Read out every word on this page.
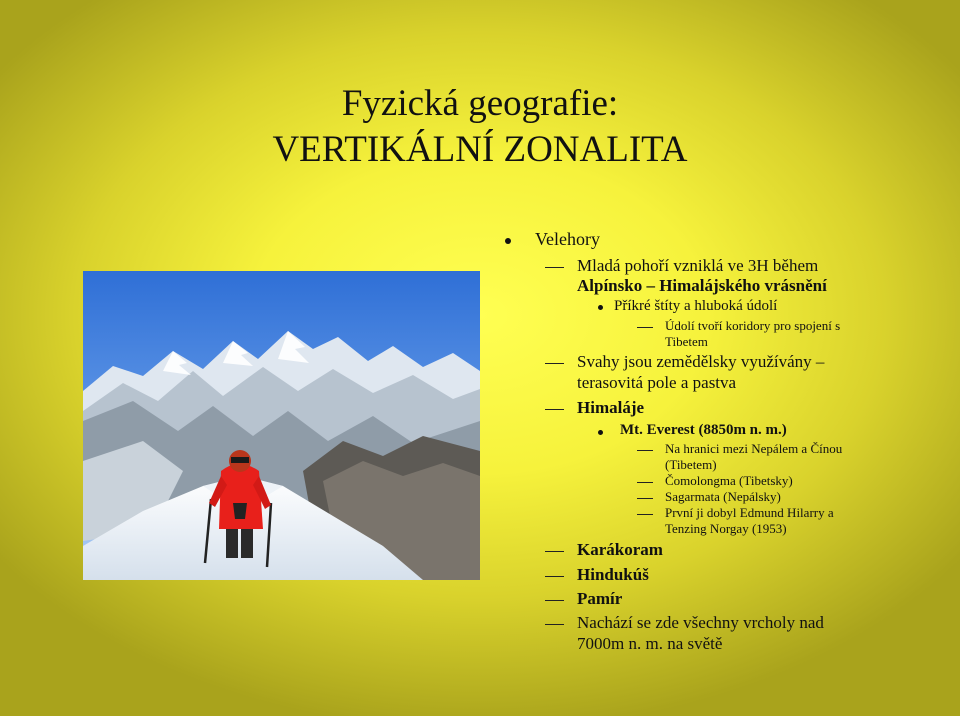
Fyzická geografie:
VERTIKÁLNÍ ZONALITA
Velehory
Mladá pohoří vzniklá ve 3H během
Alpínsko – Himalájského vrásnění
Příkré štíty a hluboká údolí
Údolí tvoří koridory pro spojení s
Tibetem
Svahy jsou zemědělsky využívány –
terasovitá pole a pastva
Himaláje
Mt. Everest (8850m n. m.)
Na hranici mezi Nepálem a Čínou
(Tibetem)
Čomolongma (Tibetsky)
Sagarmata (Nepálsky)
První ji dobyl Edmund Hilarry a
Tenzing Norgay (1953)
Karákoram
Hindukúš
Pamír
Nachází se zde všechny vrcholy nad
7000m n. m. na světě
